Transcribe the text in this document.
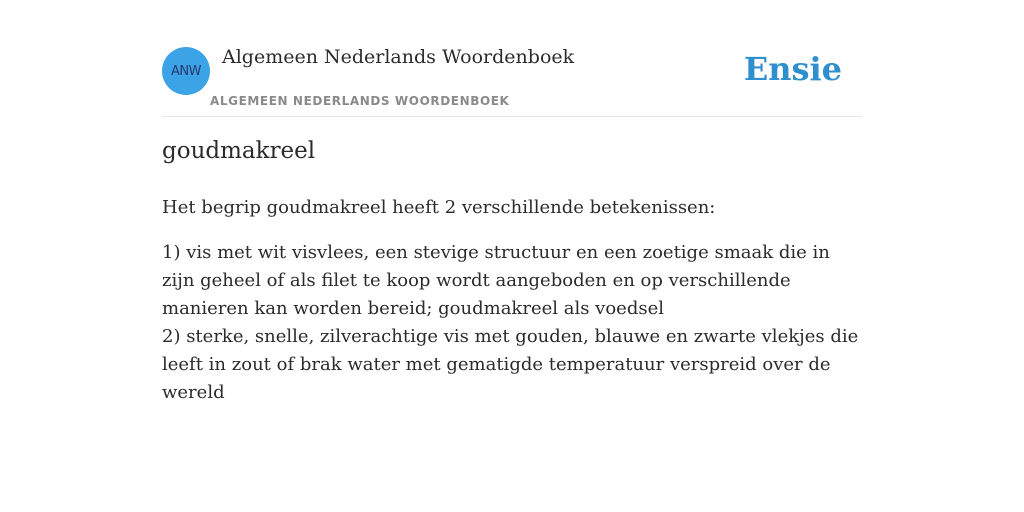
ANW
Algemeen Nederlands Woordenboek
ALGEMEEN NEDERLANDS WOORDENBOEK
Ensie
goudmakreel

Het begrip goudmakreel heeft 2 verschillende betekenissen:

1) vis met wit visvlees, een stevige structuur en een zoetige smaak die in zijn geheel of als filet te koop wordt aangeboden en op verschillende manieren kan worden bereid; goudmakreel als voedsel

2) sterke, snelle, zilverachtige vis met gouden, blauwe en zwarte vlekjes die leeft in zout of brak water met gematigde temperatuur verspreid over de wereld
